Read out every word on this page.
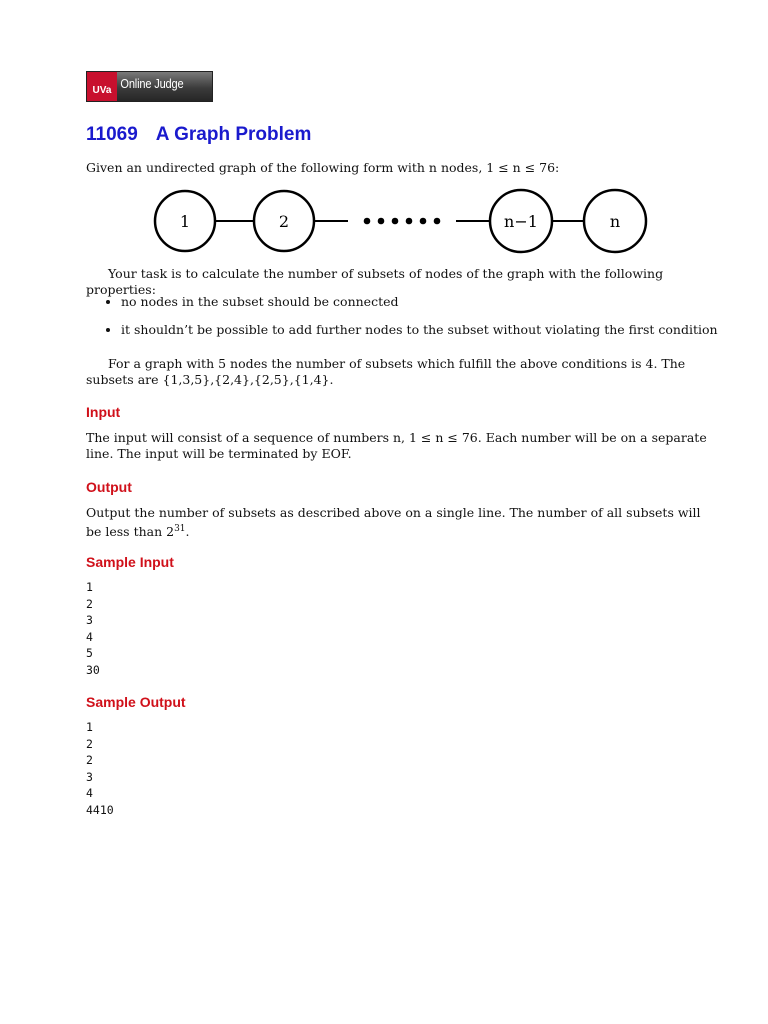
UVa Online Judge
11069 A Graph Problem

Given an undirected graph of the following form with n nodes, 1 ≤ n ≤ 76:

1	2	n−1	n

Your task is to calculate the number of subsets of nodes of the graph with the following properties:

• no nodes in the subset should be connected
• it shouldn’t be possible to add further nodes to the subset without violating the first condition

For a graph with 5 nodes the number of subsets which fulfill the above conditions is 4. The subsets are {1,3,5},{2,4},{2,5},{1,4}.

Input

The input will consist of a sequence of numbers n, 1 ≤ n ≤ 76. Each number will be on a separate line. The input will be terminated by EOF.

Output

Output the number of subsets as described above on a single line. The number of all subsets will be less than $2^{31}$.

Sample Input
1
2
3
4
5
30
Sample Output
1
2
2
3
4
4410
